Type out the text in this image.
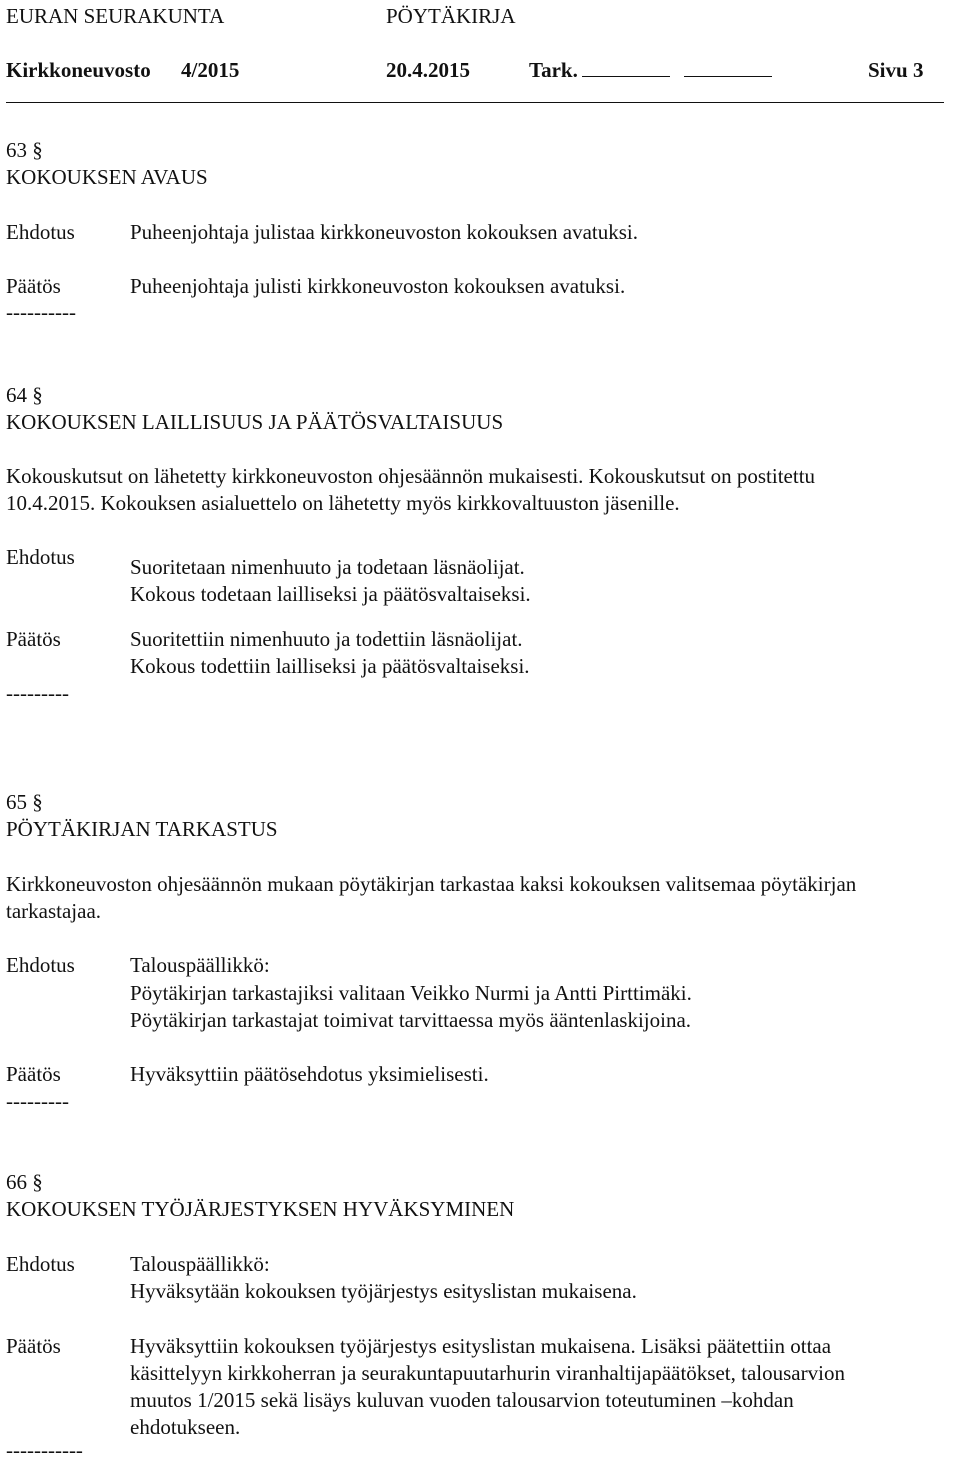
EURAN SEURAKUNTA	PÖYTÄKIRJA
Kirkkoneuvosto 4/2015	20.4.2015	Tark.	Sivu 3
63 §
KOKOUKSEN AVAUS
Ehdotus	Puheenjohtaja julistaa kirkkoneuvoston kokouksen avatuksi.
Päätös	Puheenjohtaja julisti kirkkoneuvoston kokouksen avatuksi.
----------
64 §
KOKOUKSEN LAILLISUUS JA PÄÄTÖSVALTAISUUS
Kokouskutsut on lähetetty kirkkoneuvoston ohjesäännön mukaisesti. Kokouskutsut on postitettu
10.4.2015. Kokouksen asialuettelo on lähetetty myös kirkkovaltuuston jäsenille.
Ehdotus	Suoritetaan nimenhuuto ja todetaan läsnäolijat.
Kokous todetaan lailliseksi ja päätösvaltaiseksi.
Päätös	Suoritettiin nimenhuuto ja todettiin läsnäolijat.
Kokous todettiin lailliseksi ja päätösvaltaiseksi.
---------
65 §
PÖYTÄKIRJAN TARKASTUS
Kirkkoneuvoston ohjesäännön mukaan pöytäkirjan tarkastaa kaksi kokouksen valitsemaa pöytäkirjan
tarkastajaa.
Ehdotus	Talouspäällikkö:
Pöytäkirjan tarkastajiksi valitaan Veikko Nurmi ja Antti Pirttimäki.
Pöytäkirjan tarkastajat toimivat tarvittaessa myös ääntenlaskijoina.
Päätös	Hyväksyttiin päätösehdotus yksimielisesti.
---------
66 §
KOKOUKSEN TYÖJÄRJESTYKSEN HYVÄKSYMINEN
Ehdotus	Talouspäällikkö:
Hyväksytään kokouksen työjärjestys esityslistan mukaisena.
Päätös	Hyväksyttiin kokouksen työjärjestys esityslistan mukaisena. Lisäksi päätettiin ottaa
käsittelyyn kirkkoherran ja seurakuntapuutarhurin viranhaltijapäätökset, talousarvion
muutos 1/2015 sekä lisäys kuluvan vuoden talousarvion toteutuminen –kohdan
ehdotukseen.
-----------
